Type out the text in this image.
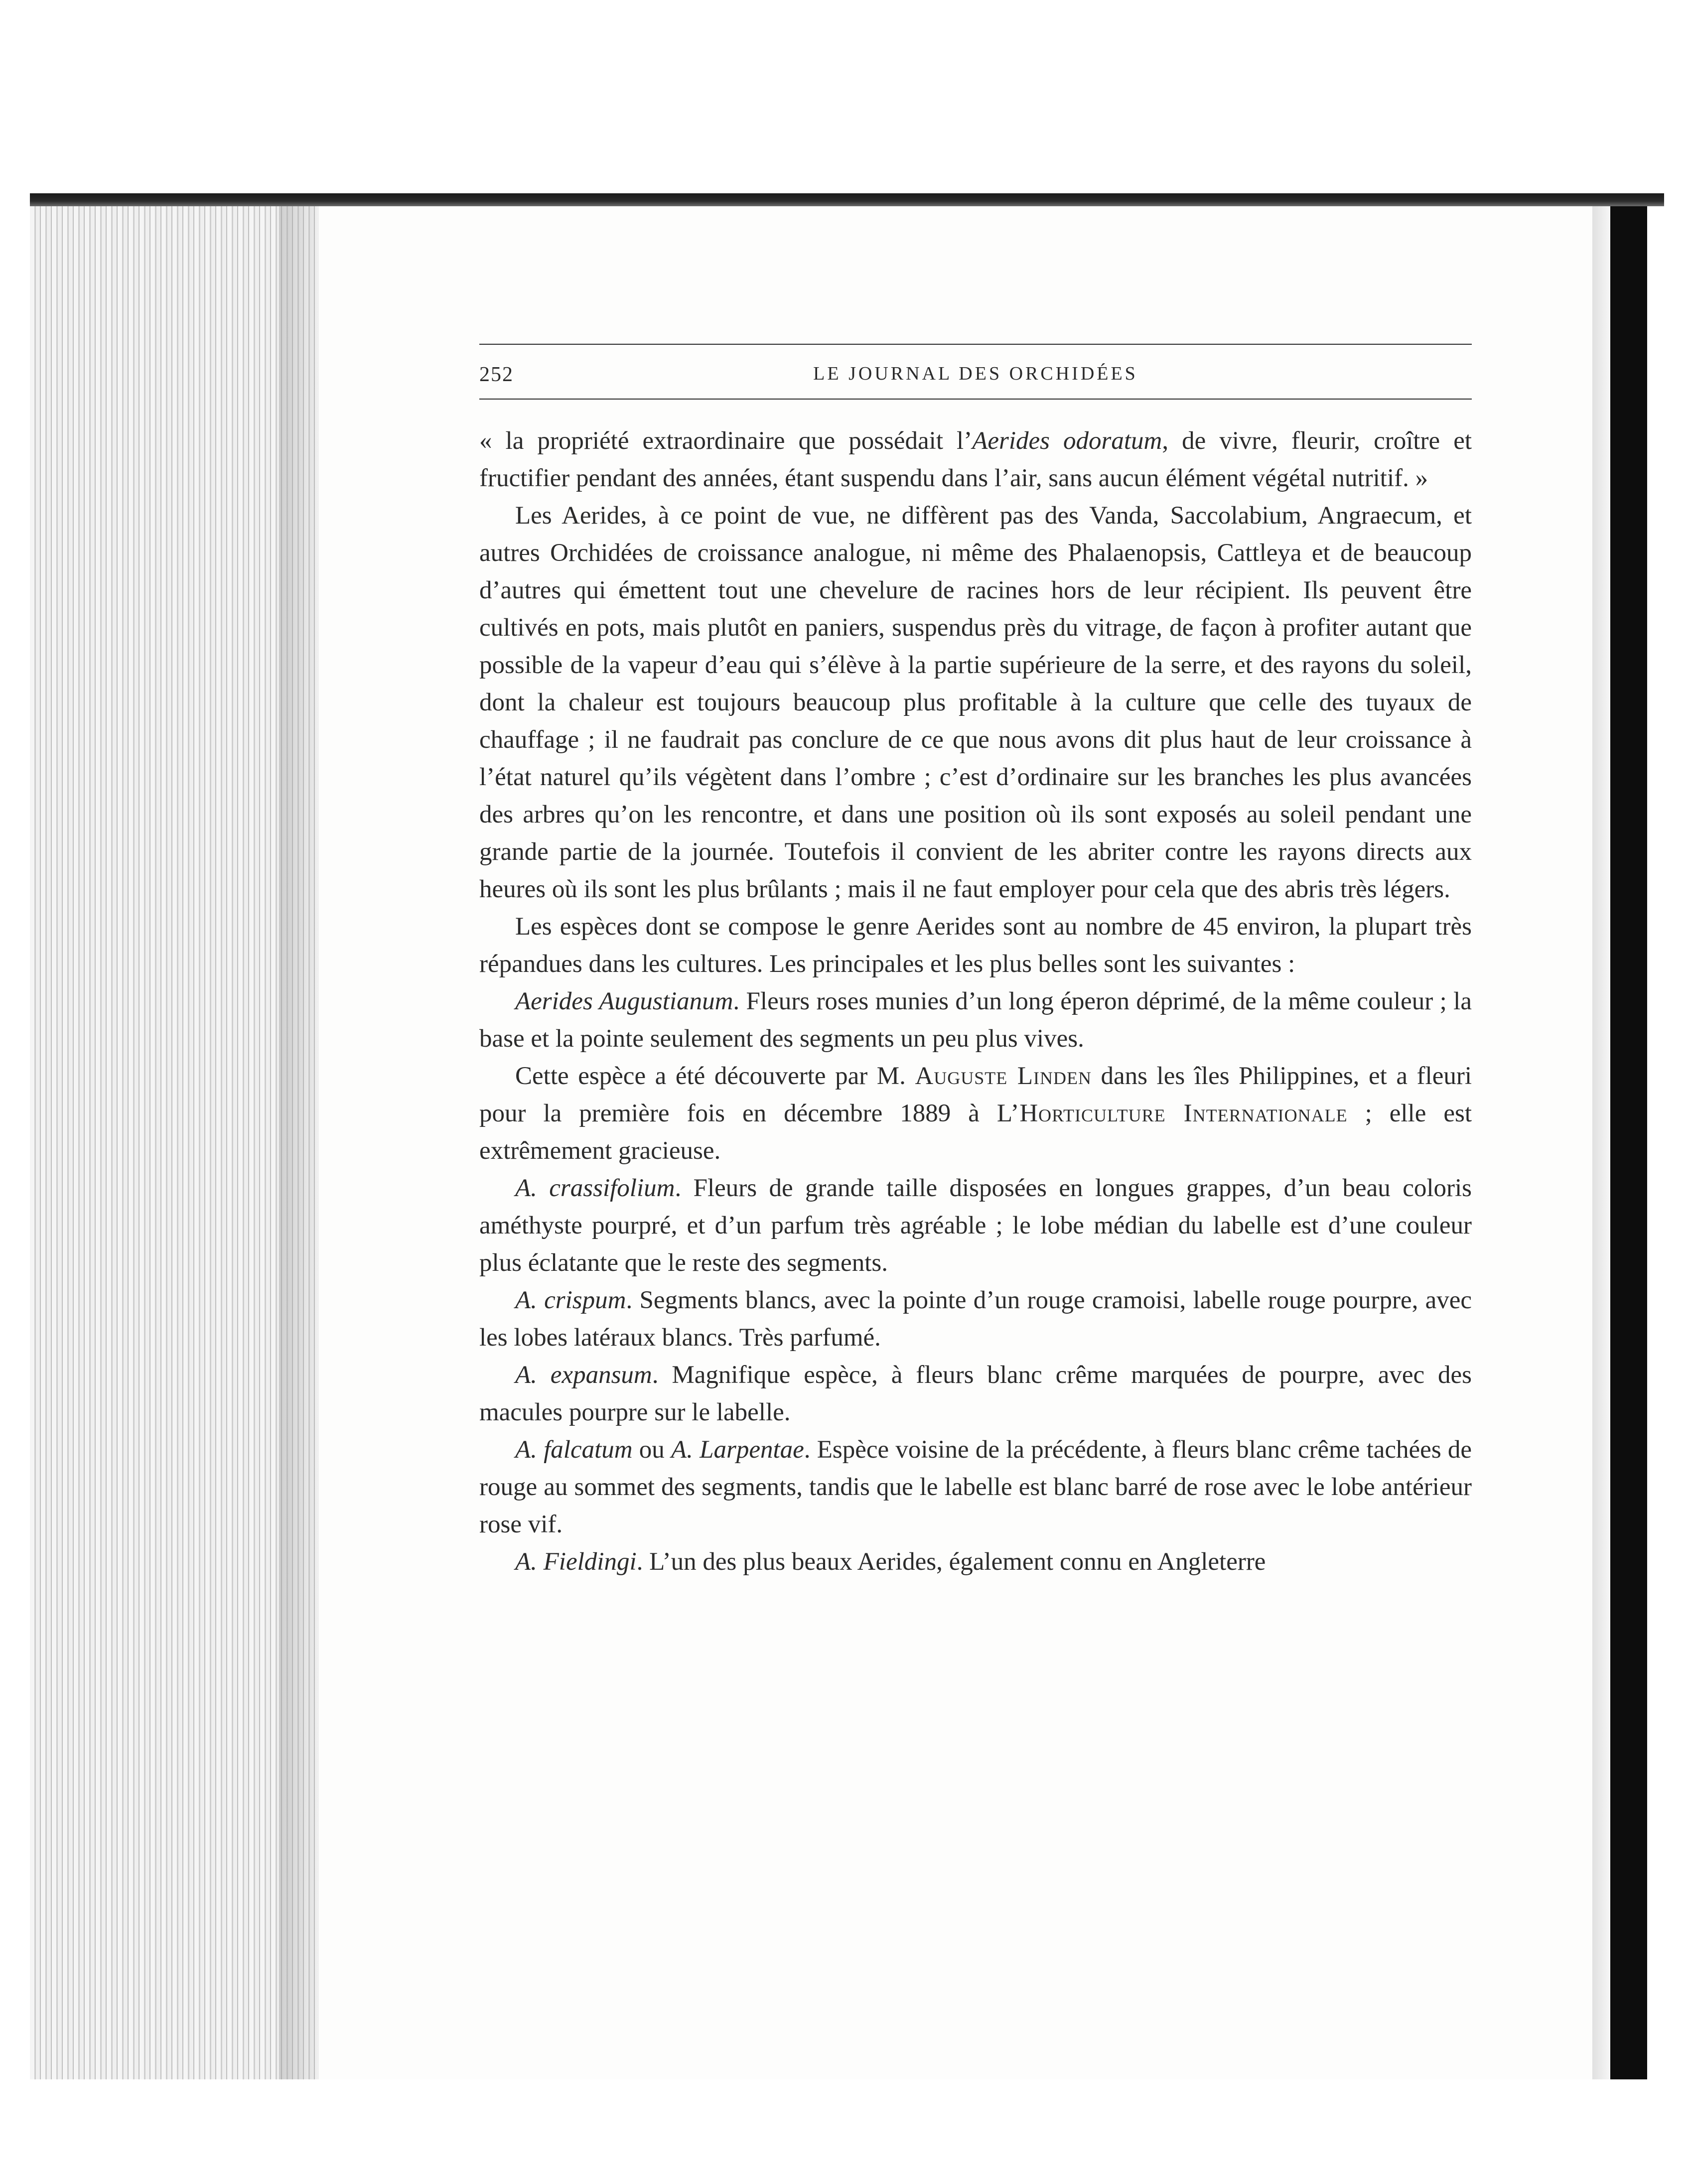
252	LE JOURNAL DES ORCHIDÉES

« la propriété extraordinaire que possédait l’Aerides odoratum, de vivre, fleurir, croître et fructifier pendant des années, étant suspendu dans l’air, sans aucun élément végétal nutritif. »

Les Aerides, à ce point de vue, ne diffèrent pas des Vanda, Saccolabium, Angraecum, et autres Orchidées de croissance analogue, ni même des Phalaenopsis, Cattleya et de beaucoup d’autres qui émettent tout une chevelure de racines hors de leur récipient. Ils peuvent être cultivés en pots, mais plutôt en paniers, suspendus près du vitrage, de façon à profiter autant que possible de la vapeur d’eau qui s’élève à la partie supérieure de la serre, et des rayons du soleil, dont la chaleur est toujours beaucoup plus profitable à la culture que celle des tuyaux de chauffage ; il ne faudrait pas conclure de ce que nous avons dit plus haut de leur croissance à l’état naturel qu’ils végètent dans l’ombre ; c’est d’ordinaire sur les branches les plus avancées des arbres qu’on les rencontre, et dans une position où ils sont exposés au soleil pendant une grande partie de la journée. Toutefois il convient de les abriter contre les rayons directs aux heures où ils sont les plus brûlants ; mais il ne faut employer pour cela que des abris très légers.

Les espèces dont se compose le genre Aerides sont au nombre de 45 environ, la plupart très répandues dans les cultures. Les principales et les plus belles sont les suivantes :

Aerides Augustianum. Fleurs roses munies d’un long éperon déprimé, de la même couleur ; la base et la pointe seulement des segments un peu plus vives.

Cette espèce a été découverte par M. Auguste Linden dans les îles Philippines, et a fleuri pour la première fois en décembre 1889 à L’Horticulture Internationale ; elle est extrêmement gracieuse.

A. crassifolium. Fleurs de grande taille disposées en longues grappes, d’un beau coloris améthyste pourpré, et d’un parfum très agréable ; le lobe médian du labelle est d’une couleur plus éclatante que le reste des segments.

A. crispum. Segments blancs, avec la pointe d’un rouge cramoisi, labelle rouge pourpre, avec les lobes latéraux blancs. Très parfumé.

A. expansum. Magnifique espèce, à fleurs blanc crême marquées de pourpre, avec des macules pourpre sur le labelle.

A. falcatum ou A. Larpentae. Espèce voisine de la précédente, à fleurs blanc crême tachées de rouge au sommet des segments, tandis que le labelle est blanc barré de rose avec le lobe antérieur rose vif.

A. Fieldingi. L’un des plus beaux Aerides, également connu en Angleterre
